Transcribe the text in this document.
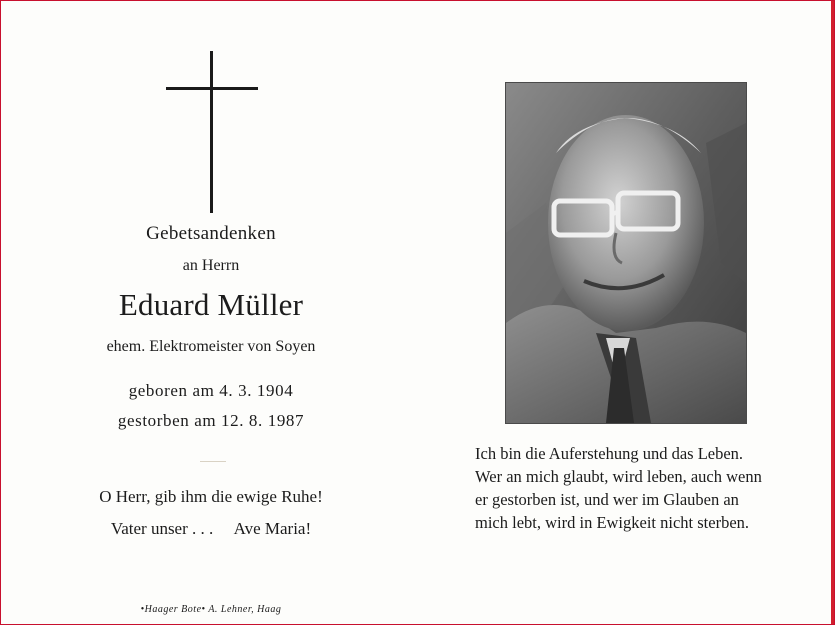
Gebetsandenken
an Herrn
Eduard Müller
ehem. Elektromeister von Soyen
geboren am 4. 3. 1904
gestorben am 12. 8. 1987
O Herr, gib ihm die ewige Ruhe!
Vater unser . . .     Ave Maria!
•Haager Bote• A. Lehner, Haag
Ich bin die Auferstehung und das Leben.
Wer an mich glaubt, wird leben, auch wenn
er gestorben ist, und wer im Glauben an
mich lebt, wird in Ewigkeit nicht sterben.
